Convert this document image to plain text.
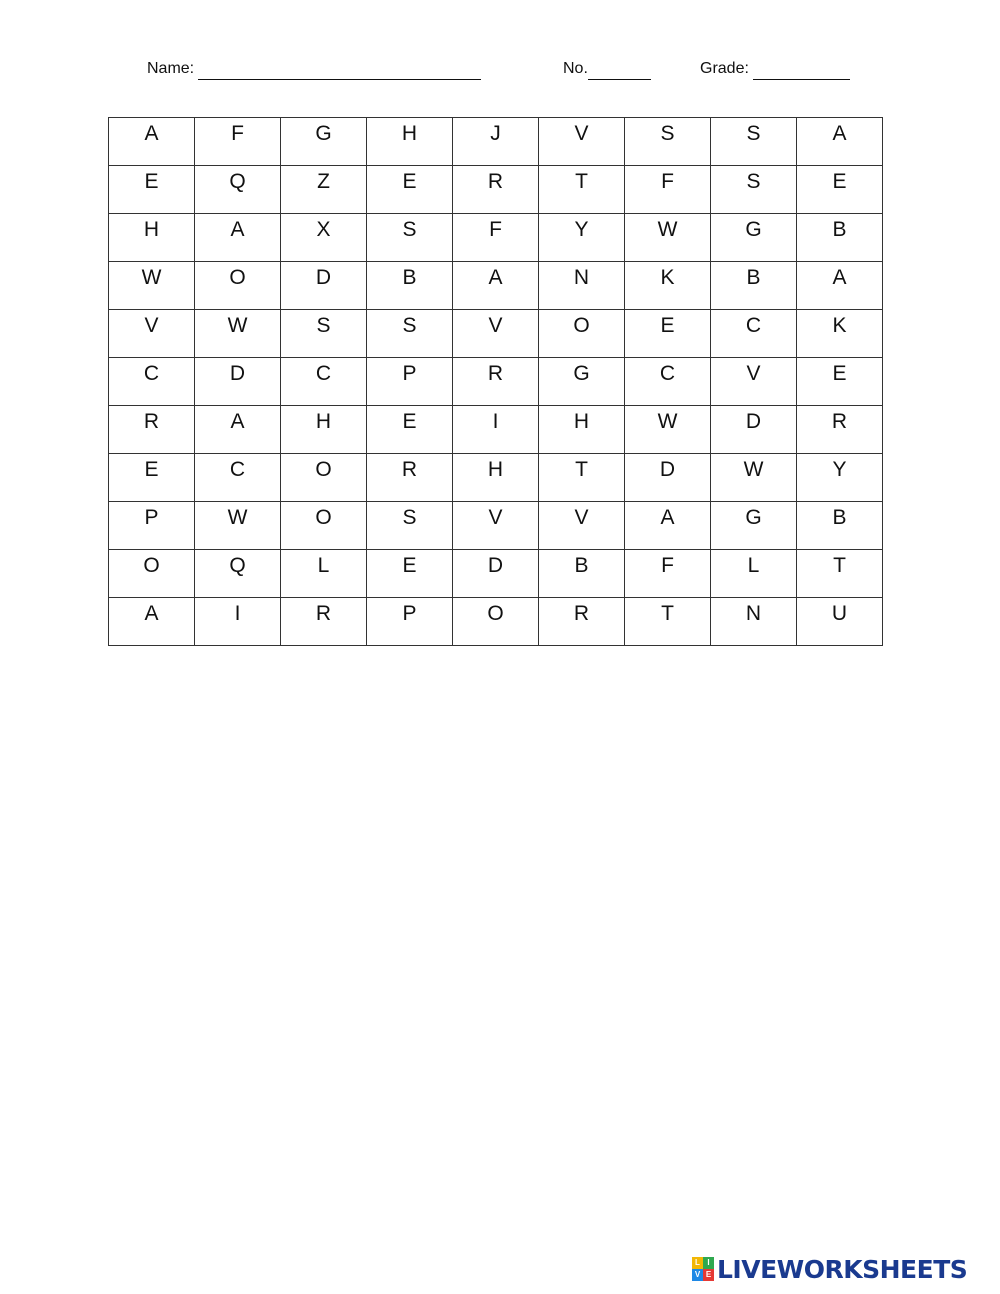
Name:	No.	Grade:
A	F	G	H	J	V	S	S	A

E	Q	Z	E	R	T	F	S	E

H	A	X	S	F	Y	W	G	B

W	O	D	B	A	N	K	B	A

V	W	S	S	V	O	E	C	K

C	D	C	P	R	G	C	V	E

R	A	H	E	I	H	W	D	R

E	C	O	R	H	T	D	W	Y

P	W	O	S	V	V	A	G	B

O	Q	L	E	D	B	F	L	T

A	I	R	P	O	R	T	N	U
L I
V E LIVEWORKSHEETS
